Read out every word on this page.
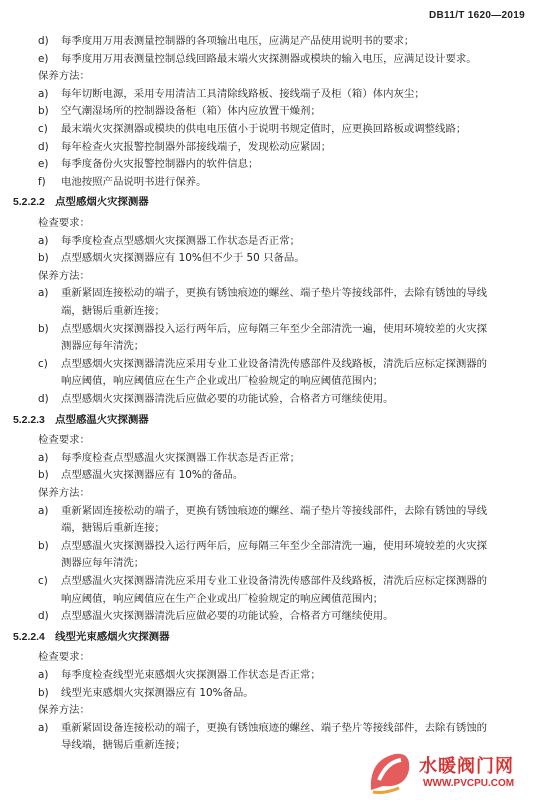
DB11/T 1620—2019
d) 每季度用万用表测量控制器的各项输出电压，应满足产品使用说明书的要求；
e) 每季度用万用表测量控制总线回路最末端火灾探测器或模块的输入电压，应满足设计要求。
保养方法：
a) 每年切断电源，采用专用清洁工具清除线路板、接线端子及柜（箱）体内灰尘；
b) 空气潮湿场所的控制器设备柜（箱）体内应放置干燥剂；
c) 最末端火灾探测器或模块的供电电压值小于说明书规定值时，应更换回路板或调整线路；
d) 每年检查火灾报警控制器外部接线端子，发现松动应紧固；
e) 每季度备份火灾报警控制器内的软件信息；
f) 电池按照产品说明书进行保养。
5.2.2.2  点型感烟火灾探测器
检查要求：
a) 每季度检查点型感烟火灾探测器工作状态是否正常；
b) 点型感烟火灾探测器应有 10%但不少于 50 只备品。
保养方法：
a) 重新紧固连接松动的端子，更换有锈蚀痕迹的螺丝、端子垫片等接线部件，去除有锈蚀的导线
端，搪锡后重新连接；
b) 点型感烟火灾探测器投入运行两年后，应每隔三年至少全部清洗一遍，使用环境较差的火灾探
测器应每年清洗；
c) 点型感烟火灾探测器清洗应采用专业工业设备清洗传感部件及线路板，清洗后应标定探测器的
响应阈值，响应阈值应在生产企业或出厂检验规定的响应阈值范围内；
d) 点型感烟火灾探测器清洗后应做必要的功能试验，合格者方可继续使用。
5.2.2.3  点型感温火灾探测器
检查要求：
a) 每季度检查点型感温火灾探测器工作状态是否正常；
b) 点型感温火灾探测器应有 10%的备品。
保养方法：
a) 重新紧固连接松动的端子，更换有锈蚀痕迹的螺丝、端子垫片等接线部件，去除有锈蚀的导线
端，搪锡后重新连接；
b) 点型感温火灾探测器投入运行两年后，应每隔三年至少全部清洗一遍，使用环境较差的火灾探
测器应每年清洗；
c) 点型感温火灾探测器清洗应采用专业工业设备清洗传感部件及线路板，清洗后应标定探测器的
响应阈值，响应阈值应在生产企业或出厂检验规定的响应阈值范围内；
d) 点型感温火灾探测器清洗后应做必要的功能试验，合格者方可继续使用。
5.2.2.4  线型光束感烟火灾探测器
检查要求：
a) 每季度检查线型光束感烟火灾探测器工作状态是否正常；
b) 线型光束感烟火灾探测器应有 10%备品。
保养方法：
a) 重新紧固设备连接松动的端子，更换有锈蚀痕迹的螺丝、端子垫片等接线部件，去除有锈蚀的
导线端，搪锡后重新连接；
水暖阀门网
WWW.PVCPU.COM
